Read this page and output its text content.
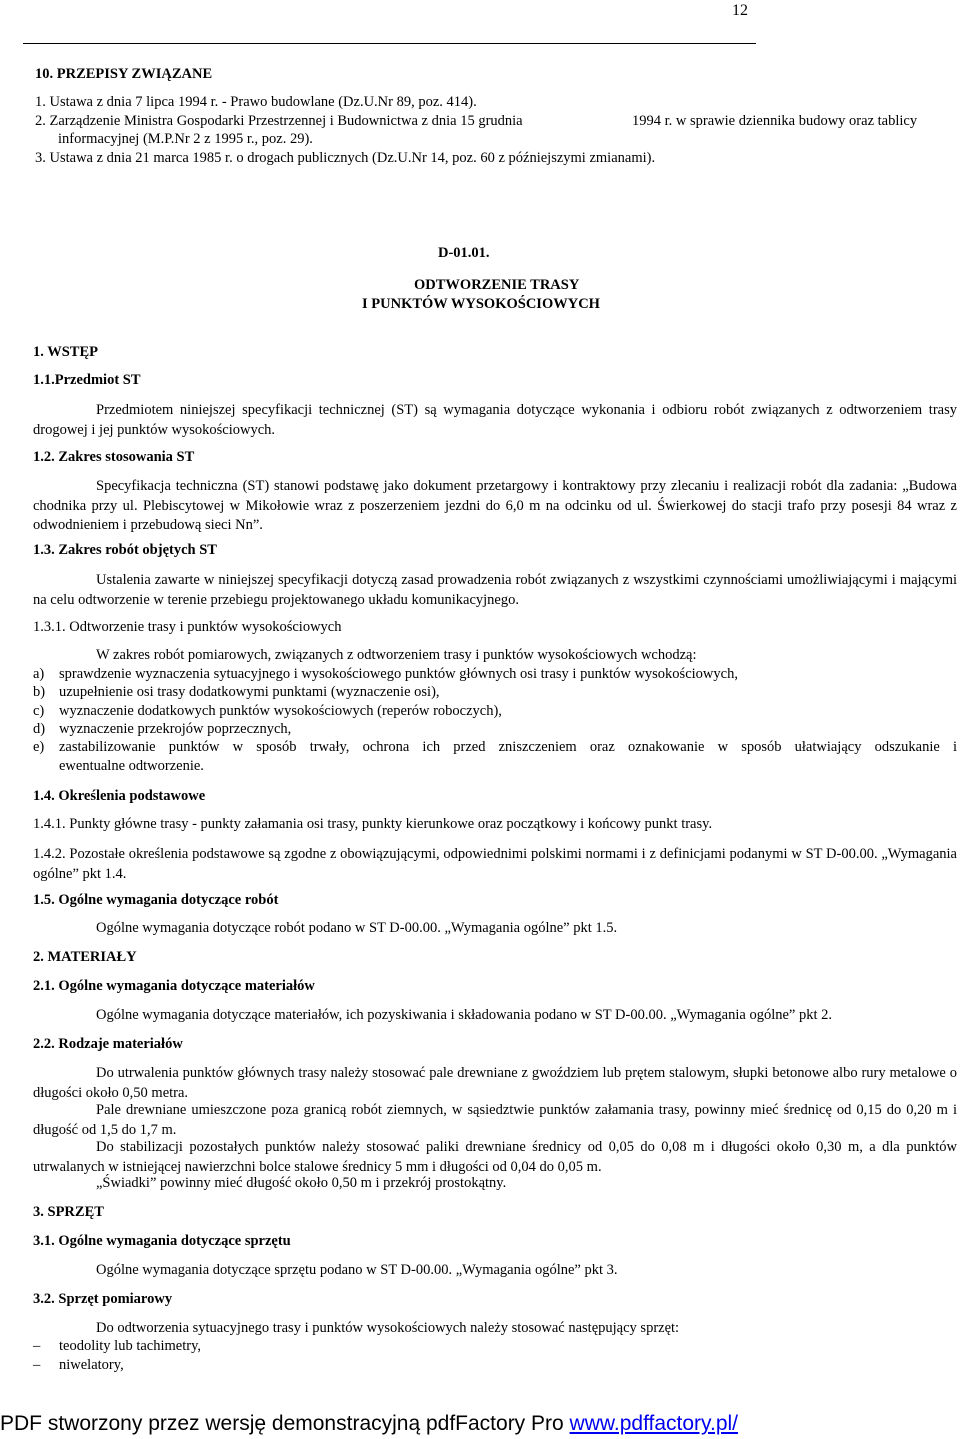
12
10. PRZEPISY ZWIĄZANE
1. Ustawa z dnia 7 lipca 1994 r. - Prawo budowlane (Dz.U.Nr 89, poz. 414).
2. Zarządzenie Ministra Gospodarki Przestrzennej i Budownictwa z dnia 15 grudnia	1994 r. w sprawie dziennika budowy oraz tablicy
informacyjnej (M.P.Nr 2 z 1995 r., poz. 29).
3. Ustawa z dnia 21 marca 1985 r. o drogach publicznych (Dz.U.Nr 14, poz. 60 z późniejszymi zmianami).
D-01.01.
ODTWORZENIE TRASY
I PUNKTÓW WYSOKOŚCIOWYCH
1. WSTĘP
1.1.Przedmiot ST
Przedmiotem niniejszej specyfikacji technicznej (ST) są wymagania dotyczące wykonania i odbioru robót związanych z odtworzeniem trasy drogowej i jej punktów wysokościowych.
1.2. Zakres stosowania ST
Specyfikacja techniczna (ST) stanowi podstawę jako dokument przetargowy i kontraktowy przy zlecaniu i realizacji robót dla zadania: „Budowa chodnika przy ul. Plebiscytowej w Mikołowie wraz z poszerzeniem jezdni do 6,0 m na odcinku od ul. Świerkowej do stacji trafo przy posesji 84 wraz z odwodnieniem i przebudową sieci Nn”.
1.3. Zakres robót objętych ST
Ustalenia zawarte w niniejszej specyfikacji dotyczą zasad prowadzenia robót związanych z wszystkimi czynnościami umożliwiającymi i mającymi na celu odtworzenie w terenie przebiegu projektowanego układu komunikacyjnego.
1.3.1. Odtworzenie trasy i punktów wysokościowych
W zakres robót pomiarowych, związanych z odtworzeniem trasy i punktów wysokościowych wchodzą:
a) sprawdzenie wyznaczenia sytuacyjnego i wysokościowego punktów głównych osi trasy i punktów wysokościowych,
b) uzupełnienie osi trasy dodatkowymi punktami (wyznaczenie osi),
c) wyznaczenie dodatkowych punktów wysokościowych (reperów roboczych),
d) wyznaczenie przekrojów poprzecznych,
e) zastabilizowanie punktów w sposób trwały, ochrona ich przed zniszczeniem oraz oznakowanie w sposób ułatwiający odszukanie i
ewentualne odtworzenie.
1.4. Określenia podstawowe
1.4.1. Punkty główne trasy - punkty załamania osi trasy, punkty kierunkowe oraz początkowy i końcowy punkt trasy.
1.4.2. Pozostałe określenia podstawowe są zgodne z obowiązującymi, odpowiednimi polskimi normami i z definicjami podanymi w ST D-00.00. „Wymagania ogólne” pkt 1.4.
1.5. Ogólne wymagania dotyczące robót
Ogólne wymagania dotyczące robót podano w ST D-00.00. „Wymagania ogólne” pkt 1.5.
2. MATERIAŁY
2.1. Ogólne wymagania dotyczące materiałów
Ogólne wymagania dotyczące materiałów, ich pozyskiwania i składowania podano w ST D-00.00. „Wymagania ogólne” pkt 2.
2.2. Rodzaje materiałów
Do utrwalenia punktów głównych trasy należy stosować pale drewniane z gwoździem lub prętem stalowym, słupki betonowe albo rury metalowe o długości około 0,50 metra.
Pale drewniane umieszczone poza granicą robót ziemnych, w sąsiedztwie punktów załamania trasy, powinny mieć średnicę od 0,15 do 0,20 m i długość od 1,5 do 1,7 m.
Do stabilizacji pozostałych punktów należy stosować paliki drewniane średnicy od 0,05 do 0,08 m i długości około 0,30 m, a dla punktów utrwalanych w istniejącej nawierzchni bolce stalowe średnicy 5 mm i długości od 0,04 do 0,05 m.
„Świadki” powinny mieć długość około 0,50 m i przekrój prostokątny.
3. SPRZĘT
3.1. Ogólne wymagania dotyczące sprzętu
Ogólne wymagania dotyczące sprzętu podano w ST D-00.00. „Wymagania ogólne” pkt 3.
3.2. Sprzęt pomiarowy
Do odtworzenia sytuacyjnego trasy i punktów wysokościowych należy stosować następujący sprzęt:
– teodolity lub tachimetry,
– niwelatory,
PDF stworzony przez wersję demonstracyjną pdfFactory Pro www.pdffactory.pl/
